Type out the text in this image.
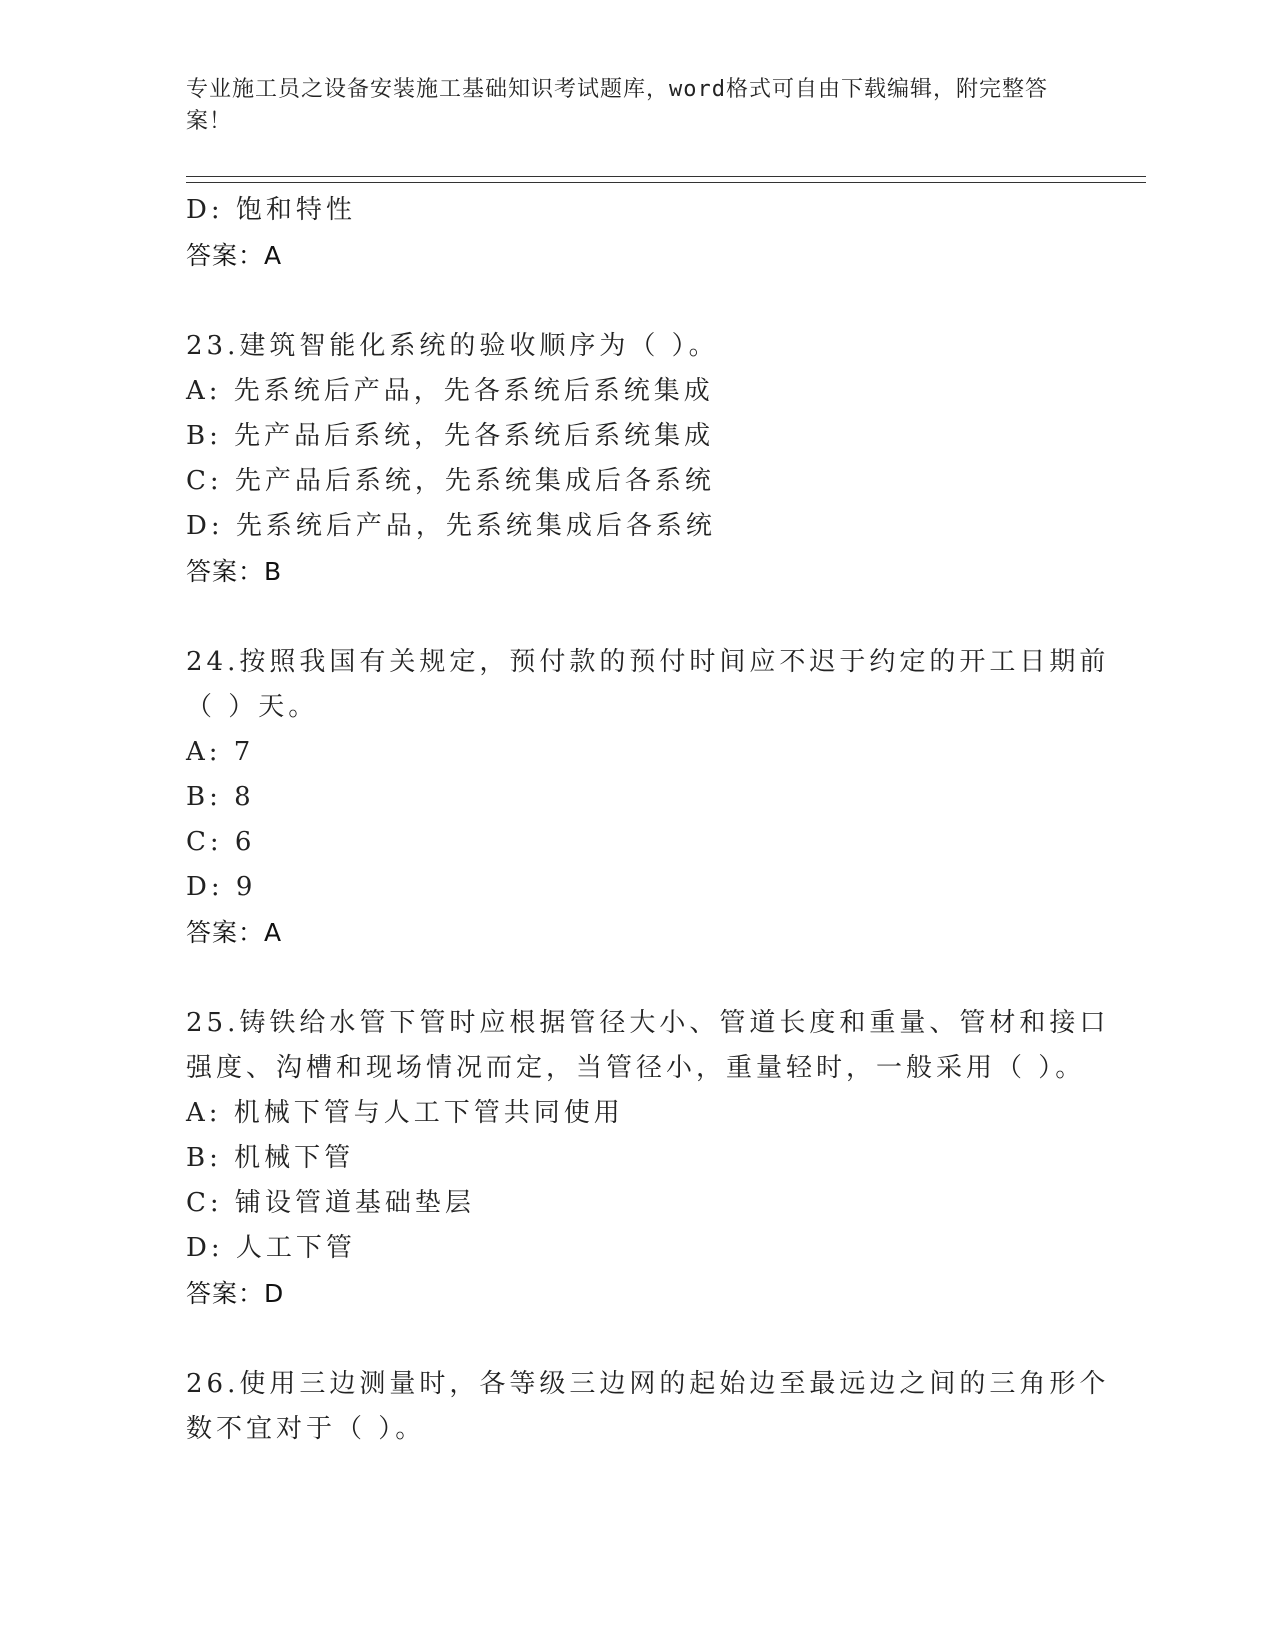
专业施工员之设备安装施工基础知识考试题库，word格式可自由下载编辑，附完整答案！
D: 饱和特性
答案：A
23.建筑智能化系统的验收顺序为（ ）。
A: 先系统后产品，先各系统后系统集成
B: 先产品后系统，先各系统后系统集成
C: 先产品后系统，先系统集成后各系统
D: 先系统后产品，先系统集成后各系统
答案：B
24.按照我国有关规定，预付款的预付时间应不迟于约定的开工日期前
（ ）天。
A: 7
B: 8
C: 6
D: 9
答案：A
25.铸铁给水管下管时应根据管径大小、管道长度和重量、管材和接口
强度、沟槽和现场情况而定，当管径小，重量轻时，一般采用（ ）。
A: 机械下管与人工下管共同使用
B: 机械下管
C: 铺设管道基础垫层
D: 人工下管
答案：D
26.使用三边测量时，各等级三边网的起始边至最远边之间的三角形个
数不宜对于（ ）。
